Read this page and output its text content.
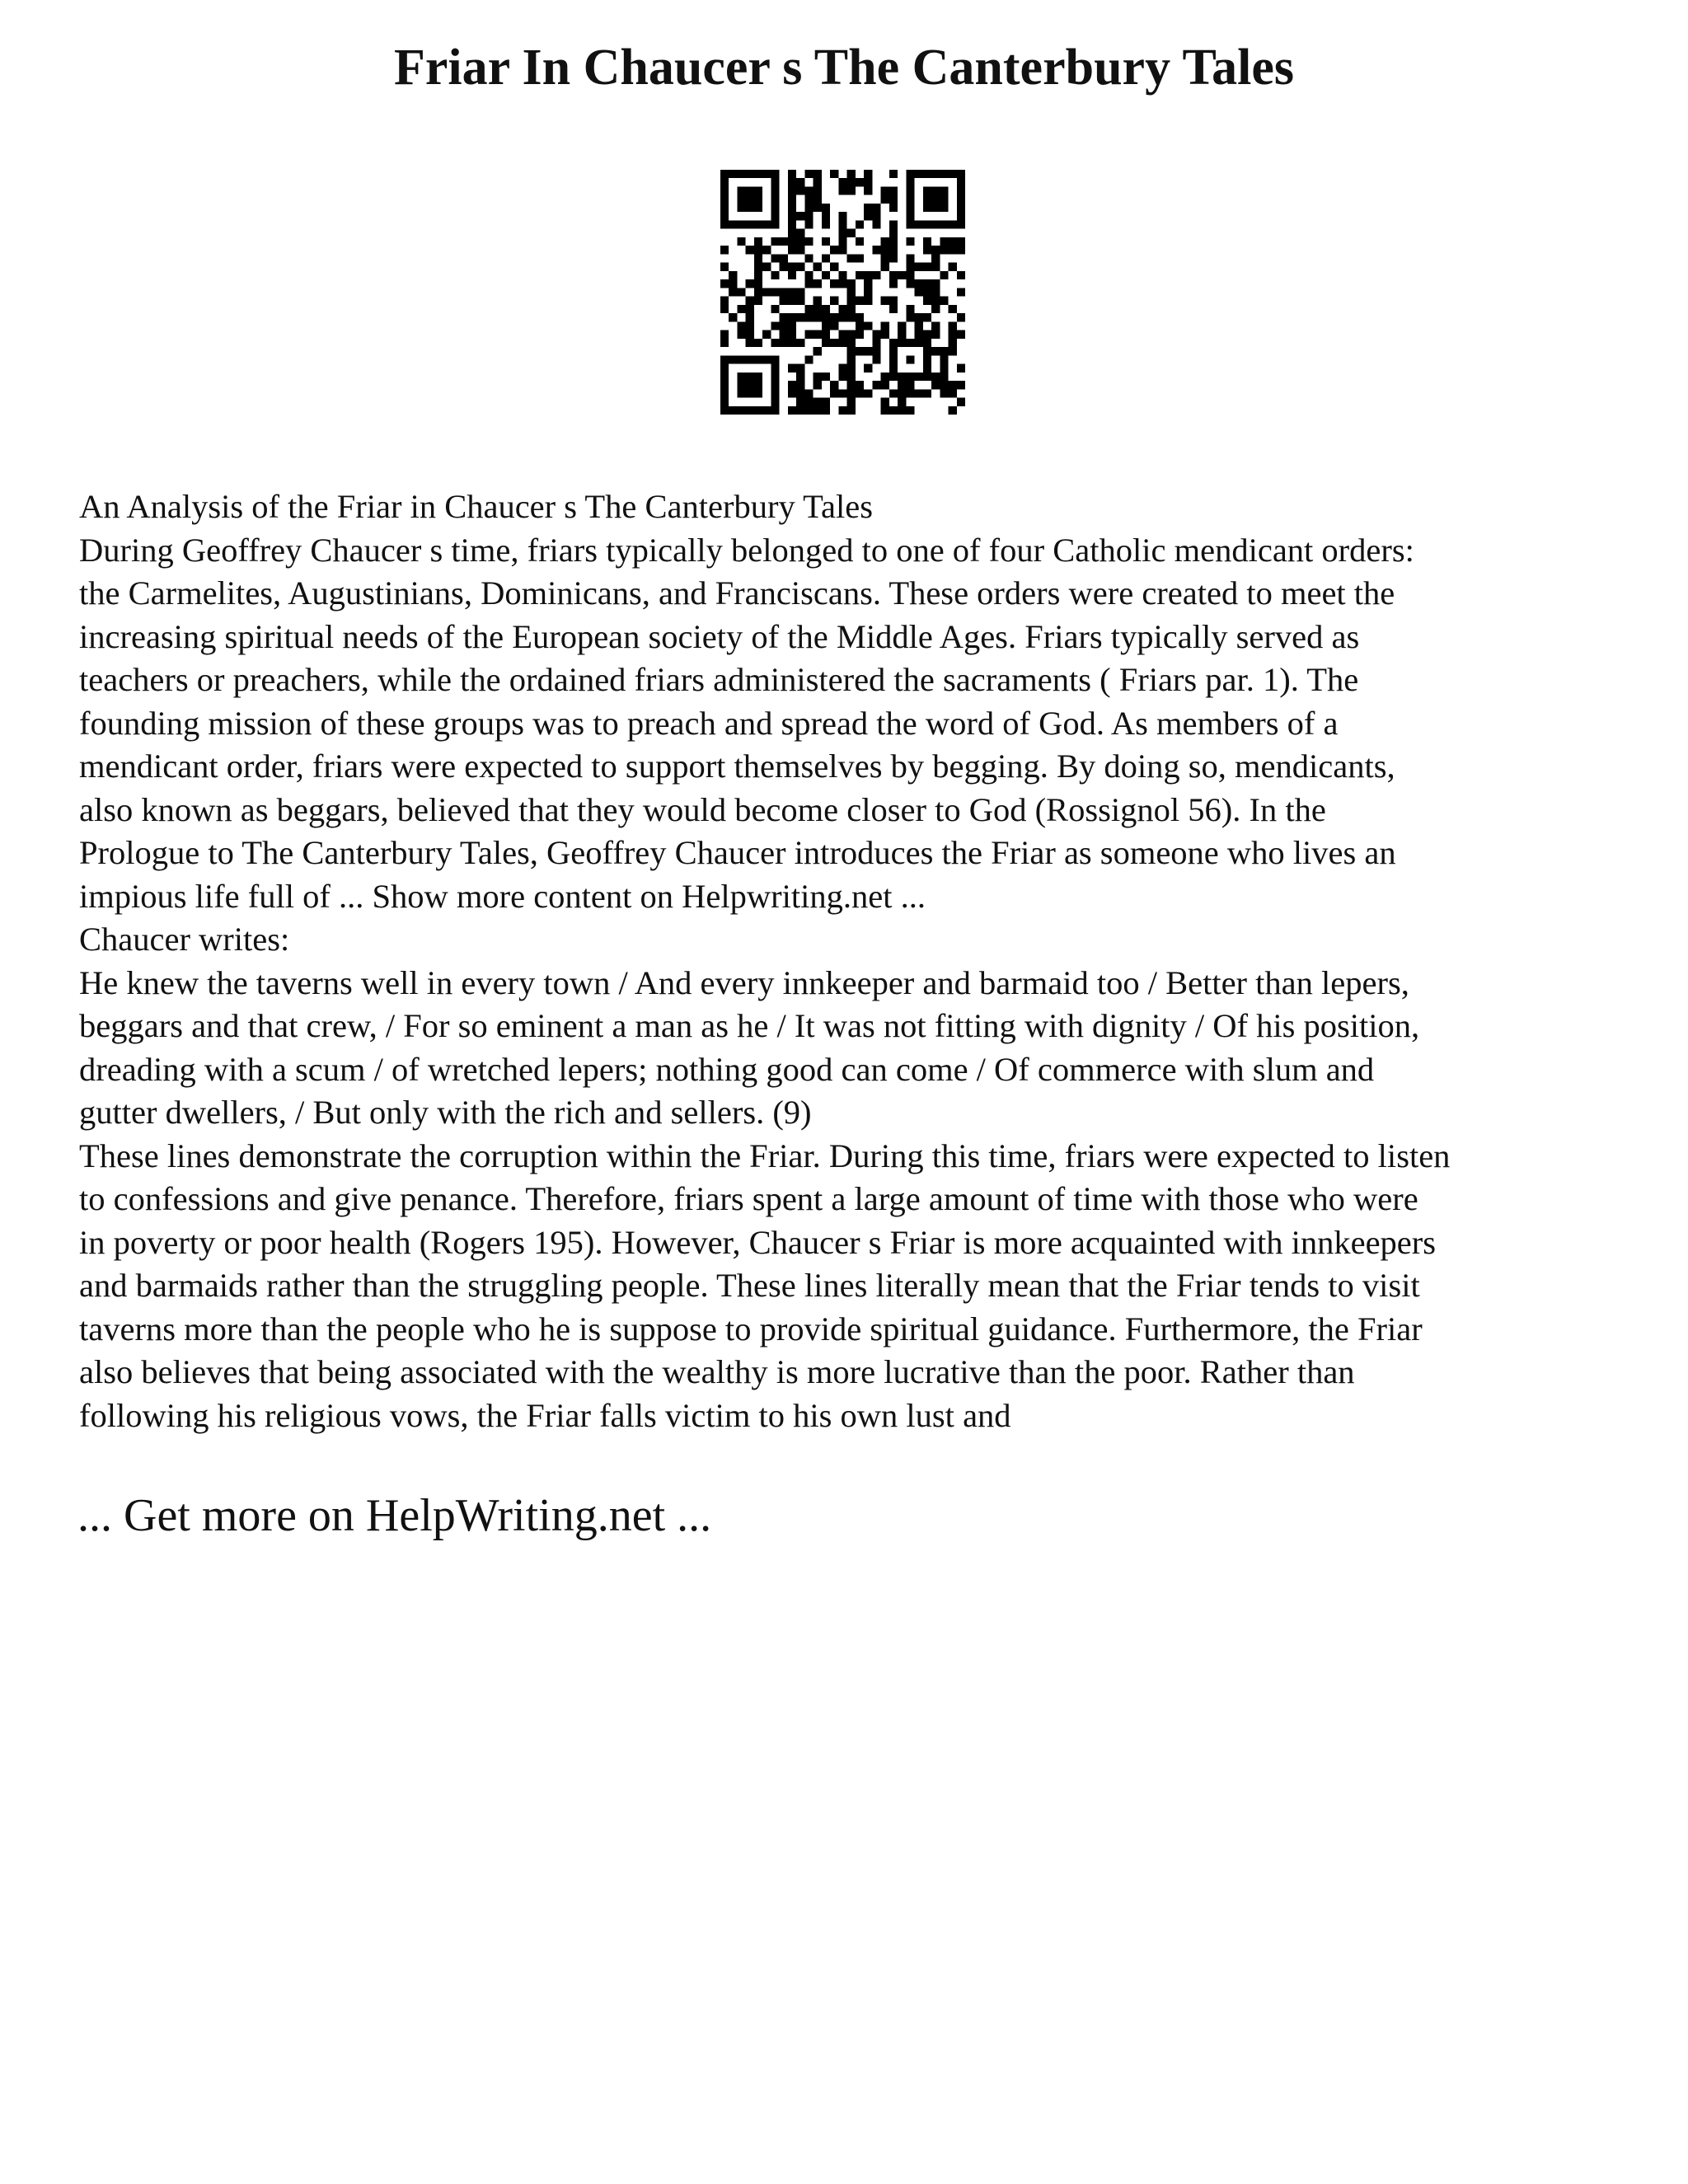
Friar In Chaucer s The Canterbury Tales
An Analysis of the Friar in Chaucer s The Canterbury Tales
During Geoffrey Chaucer s time, friars typically belonged to one of four Catholic mendicant orders:
the Carmelites, Augustinians, Dominicans, and Franciscans. These orders were created to meet the
increasing spiritual needs of the European society of the Middle Ages. Friars typically served as
teachers or preachers, while the ordained friars administered the sacraments ( Friars par. 1). The
founding mission of these groups was to preach and spread the word of God. As members of a
mendicant order, friars were expected to support themselves by begging. By doing so, mendicants,
also known as beggars, believed that they would become closer to God (Rossignol 56). In the
Prologue to The Canterbury Tales, Geoffrey Chaucer introduces the Friar as someone who lives an
impious life full of ... Show more content on Helpwriting.net ...
Chaucer writes:
He knew the taverns well in every town / And every innkeeper and barmaid too / Better than lepers,
beggars and that crew, / For so eminent a man as he / It was not fitting with dignity / Of his position,
dreading with a scum / of wretched lepers; nothing good can come / Of commerce with slum and
gutter dwellers, / But only with the rich and sellers. (9)
These lines demonstrate the corruption within the Friar. During this time, friars were expected to listen
to confessions and give penance. Therefore, friars spent a large amount of time with those who were
in poverty or poor health (Rogers 195). However, Chaucer s Friar is more acquainted with innkeepers
and barmaids rather than the struggling people. These lines literally mean that the Friar tends to visit
taverns more than the people who he is suppose to provide spiritual guidance. Furthermore, the Friar
also believes that being associated with the wealthy is more lucrative than the poor. Rather than
following his religious vows, the Friar falls victim to his own lust and
... Get more on HelpWriting.net ...
